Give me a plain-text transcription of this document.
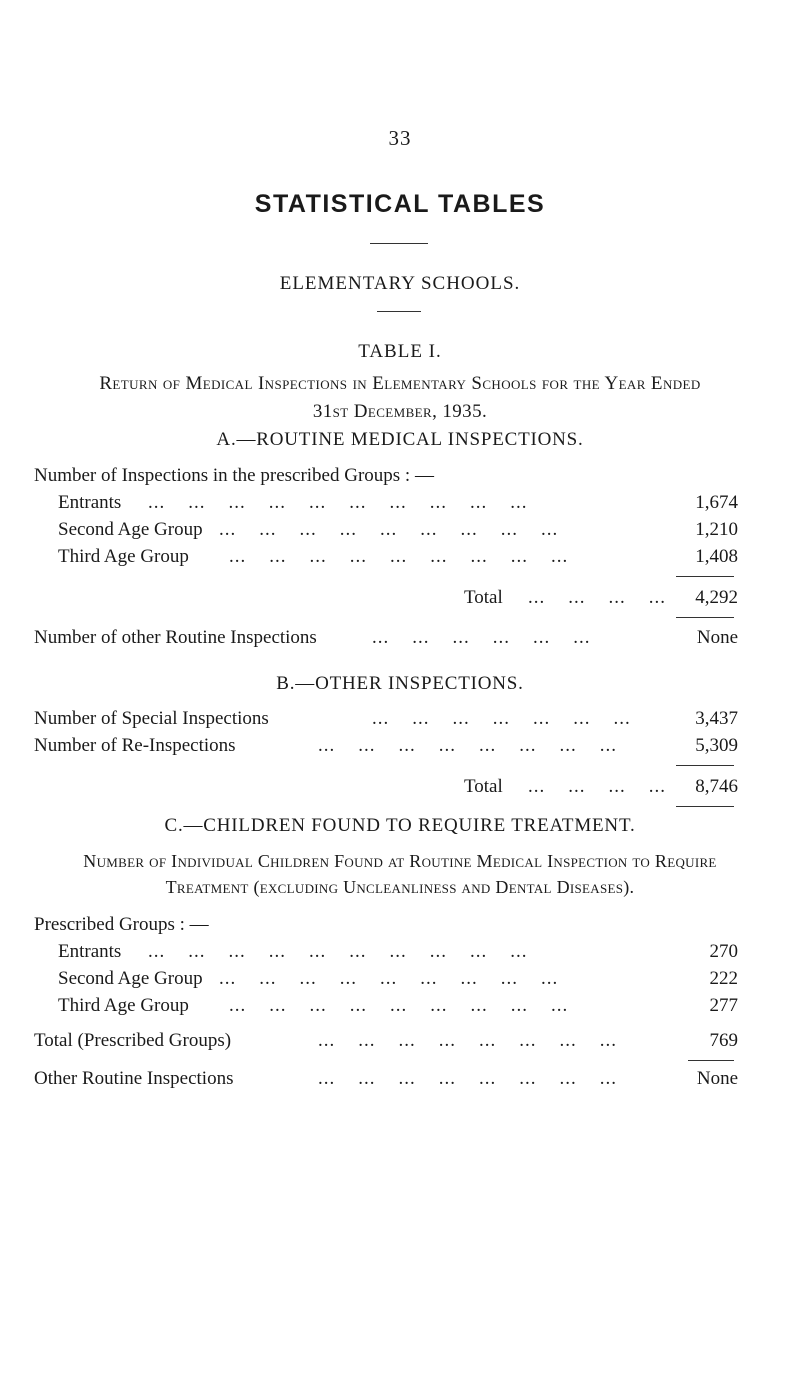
33
STATISTICAL TABLES
ELEMENTARY SCHOOLS.
TABLE I.
Return of Medical Inspections in Elementary Schools for the Year Ended
31st December, 1935.
A.—ROUTINE MEDICAL INSPECTIONS.
Number of Inspections in the prescribed Groups : —
Entrants ...    ...    ...    ...    ...    ...    ...    ...    ...    ...	1,674
Second Age Group ...    ...    ...    ...    ...    ...    ...    ...    ...	1,210
Third Age Group ...    ...    ...    ...    ...    ...    ...    ...    ...	1,408
Total ...    ...    ...    ... 4,292
Number of other Routine Inspections	...    ...    ...    ...    ...    ...	None
B.—OTHER INSPECTIONS.
Number of Special Inspections	...    ...    ...    ...    ...    ...    ...	3,437
Number of Re-Inspections	...    ...    ...    ...    ...    ...    ...    ...	5,309
Total ...    ...    ...    ... 8,746
C.—CHILDREN FOUND TO REQUIRE TREATMENT.
Number of Individual Children Found at Routine Medical Inspection to Require
Treatment (excluding Uncleanliness and Dental Diseases).
Prescribed Groups : —
Entrants ...    ...    ...    ...    ...    ...    ...    ...    ...    ...	270
Second Age Group ...    ...    ...    ...    ...    ...    ...    ...    ...	222
Third Age Group ...    ...    ...    ...    ...    ...    ...    ...    ...	277
Total (Prescribed Groups)	...    ...    ...    ...    ...    ...    ...    ...	769
Other Routine Inspections	...    ...    ...    ...    ...    ...    ...    ...	None
